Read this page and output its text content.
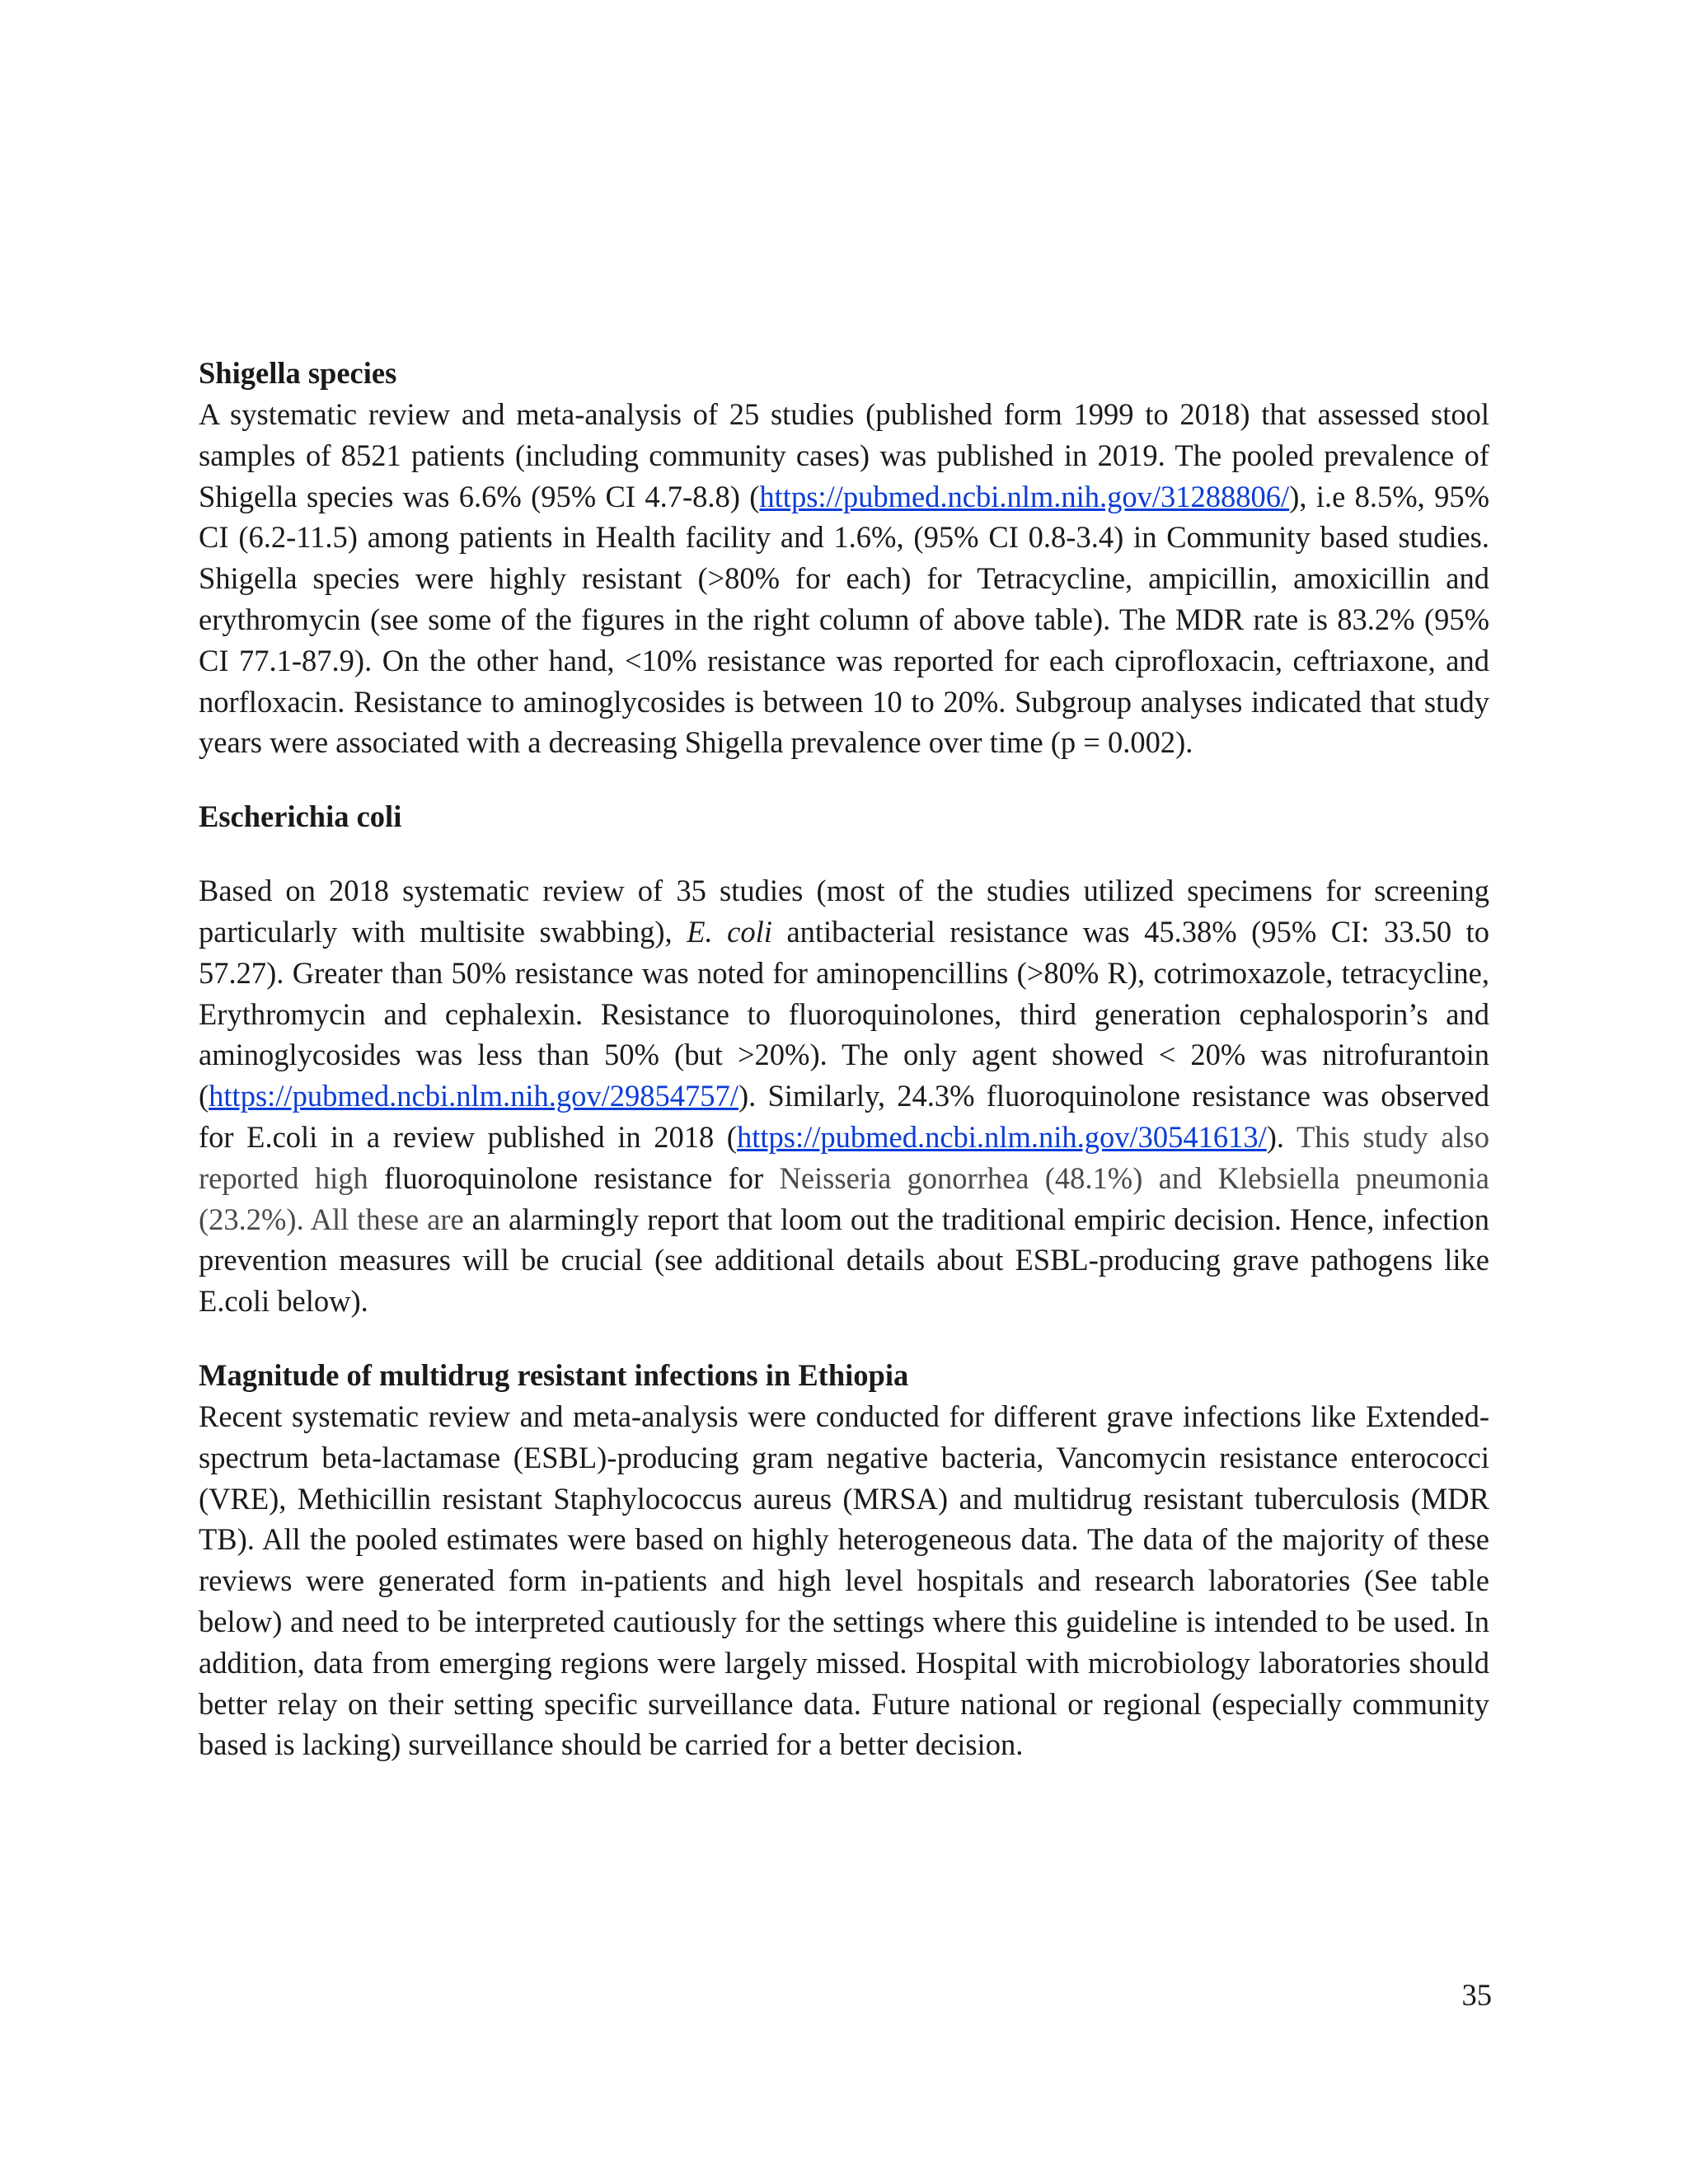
Shigella species

A systematic review and meta-analysis of 25 studies (published form 1999 to 2018) that assessed stool samples of 8521 patients (including community cases) was published in 2019. The pooled prevalence of Shigella species was 6.6% (95% CI 4.7-8.8) (https://pubmed.ncbi.nlm.nih.gov/31288806/), i.e 8.5%, 95% CI (6.2-11.5) among patients in Health facility and 1.6%, (95% CI 0.8-3.4) in Community based studies. Shigella species were highly resistant (>80% for each) for Tetracycline, ampicillin, amoxicillin and erythromycin (see some of the figures in the right column of above table). The MDR rate is 83.2% (95% CI 77.1-87.9). On the other hand, <10% resistance was reported for each ciprofloxacin, ceftriaxone, and norfloxacin. Resistance to aminoglycosides is between 10 to 20%. Subgroup analyses indicated that study years were associated with a decreasing Shigella prevalence over time (p = 0.002).

Escherichia coli

Based on 2018 systematic review of 35 studies (most of the studies utilized specimens for screening particularly with multisite swabbing), E. coli antibacterial resistance was 45.38% (95% CI: 33.50 to 57.27). Greater than 50% resistance was noted for aminopencillins (>80% R), cotrimoxazole, tetracycline, Erythromycin and cephalexin. Resistance to fluoroquinolones, third generation cephalosporin’s and aminoglycosides was less than 50% (but >20%). The only agent showed < 20% was nitrofurantoin (https://pubmed.ncbi.nlm.nih.gov/29854757/). Similarly, 24.3% fluoroquinolone resistance was observed for E.coli in a review published in 2018 (https://pubmed.ncbi.nlm.nih.gov/30541613/). This study also reported high fluoroquinolone resistance for Neisseria gonorrhea (48.1%) and Klebsiella pneumonia (23.2%). All these are an alarmingly report that loom out the traditional empiric decision. Hence, infection prevention measures will be crucial (see additional details about ESBL-producing grave pathogens like E.coli below).

Magnitude of multidrug resistant infections in Ethiopia

Recent systematic review and meta-analysis were conducted for different grave infections like Extended-spectrum beta-lactamase (ESBL)-producing gram negative bacteria, Vancomycin resistance enterococci (VRE), Methicillin resistant Staphylococcus aureus (MRSA) and multidrug resistant tuberculosis (MDR TB). All the pooled estimates were based on highly heterogeneous data. The data of the majority of these reviews were generated form in-patients and high level hospitals and research laboratories (See table below) and need to be interpreted cautiously for the settings where this guideline is intended to be used. In addition, data from emerging regions were largely missed. Hospital with microbiology laboratories should better relay on their setting specific surveillance data. Future national or regional (especially community based is lacking) surveillance should be carried for a better decision.

35
